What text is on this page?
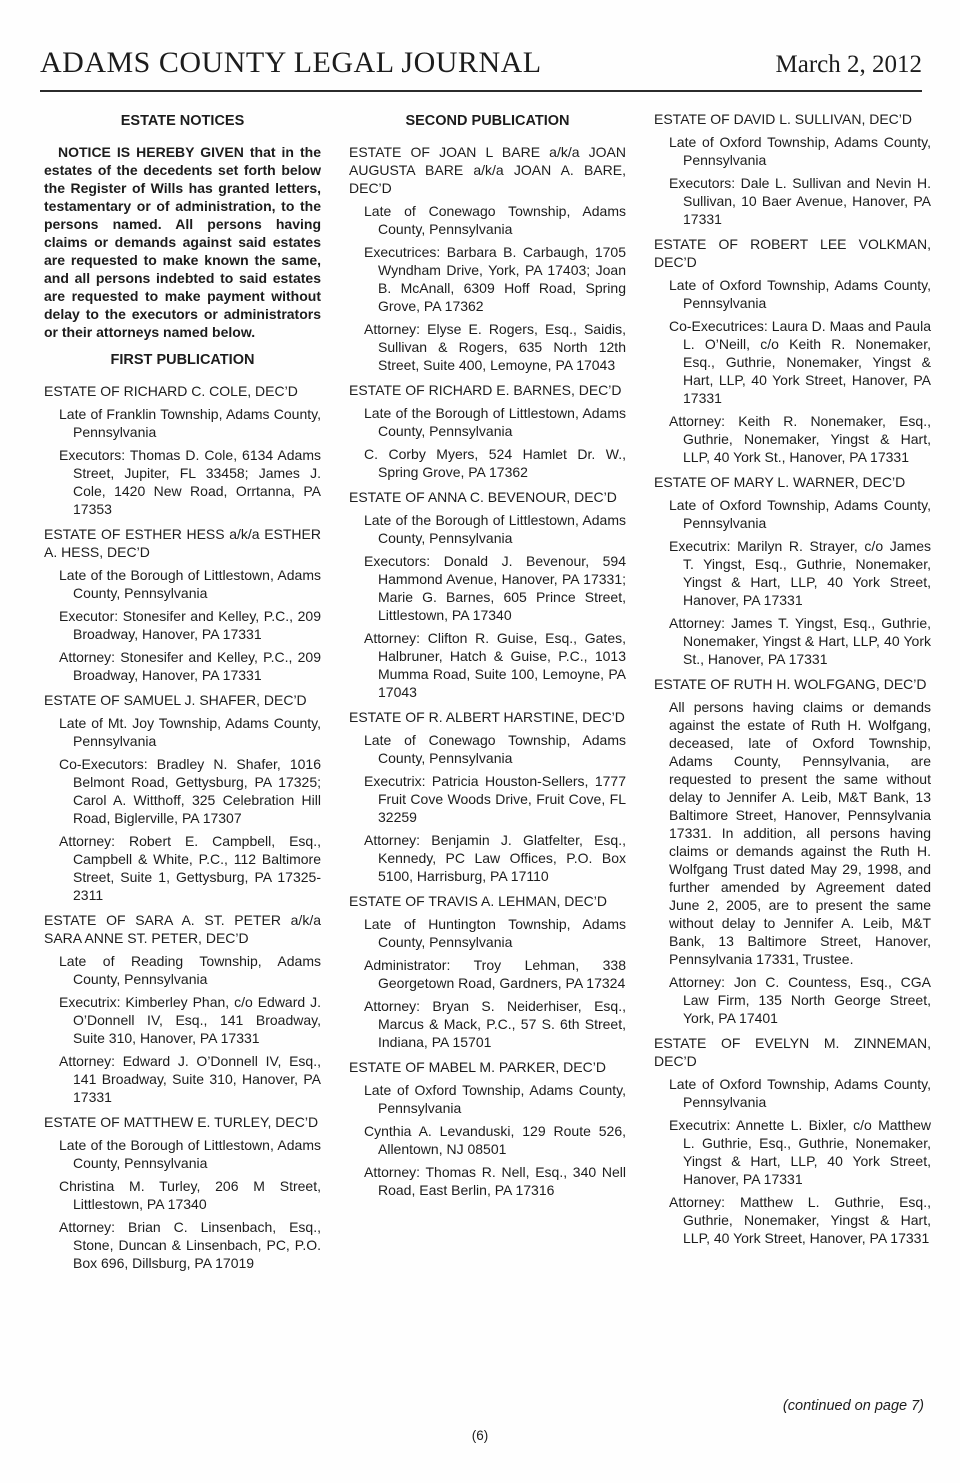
ADAMS COUNTY LEGAL JOURNAL	March 2, 2012
ESTATE NOTICES

NOTICE IS HEREBY GIVEN that in the estates of the decedents set forth below the Register of Wills has granted letters, testamentary or of administration, to the persons named. All persons having claims or demands against said estates are requested to make known the same, and all persons indebted to said estates are requested to make payment without delay to the executors or administrators or their attorneys named below.

FIRST PUBLICATION
ESTATE OF RICHARD C. COLE, DEC’D

Late of Franklin Township, Adams County, Pennsylvania

Executors: Thomas D. Cole, 6134 Adams Street, Jupiter, FL 33458; James J. Cole, 1420 New Road, Orrtanna, PA 17353

ESTATE OF ESTHER HESS a/k/a ESTHER A. HESS, DEC’D

Late of the Borough of Littlestown, Adams County, Pennsylvania

Executor: Stonesifer and Kelley, P.C., 209 Broadway, Hanover, PA 17331

Attorney: Stonesifer and Kelley, P.C., 209 Broadway, Hanover, PA 17331

ESTATE OF SAMUEL J. SHAFER, DEC’D

Late of Mt. Joy Township, Adams County, Pennsylvania

Co-Executors: Bradley N. Shafer, 1016 Belmont Road, Gettysburg, PA 17325; Carol A. Witthoff, 325 Celebration Hill Road, Biglerville, PA 17307

Attorney: Robert E. Campbell, Esq., Campbell & White, P.C., 112 Baltimore Street, Suite 1, Gettysburg, PA 17325-2311

ESTATE OF SARA A. ST. PETER a/k/a SARA ANNE ST. PETER, DEC’D

Late of Reading Township, Adams County, Pennsylvania

Executrix: Kimberley Phan, c/o Edward J. O’Donnell IV, Esq., 141 Broadway, Suite 310, Hanover, PA 17331

Attorney: Edward J. O’Donnell IV, Esq., 141 Broadway, Suite 310, Hanover, PA 17331

ESTATE OF MATTHEW E. TURLEY, DEC’D

Late of the Borough of Littlestown, Adams County, Pennsylvania

Christina M. Turley, 206 M Street, Littlestown, PA 17340

Attorney: Brian C. Linsenbach, Esq., Stone, Duncan & Linsenbach, PC, P.O. Box 696, Dillsburg, PA 17019

SECOND PUBLICATION
ESTATE OF JOAN L BARE a/k/a JOAN AUGUSTA BARE a/k/a JOAN A. BARE, DEC’D

Late of Conewago Township, Adams County, Pennsylvania

Executrices: Barbara B. Carbaugh, 1705 Wyndham Drive, York, PA 17403; Joan B. McAnall, 6309 Hoff Road, Spring Grove, PA 17362

Attorney: Elyse E. Rogers, Esq., Saidis, Sullivan & Rogers, 635 North 12th Street, Suite 400, Lemoyne, PA 17043

ESTATE OF RICHARD E. BARNES, DEC’D

Late of the Borough of Littlestown, Adams County, Pennsylvania

C. Corby Myers, 524 Hamlet Dr. W., Spring Grove, PA 17362

ESTATE OF ANNA C. BEVENOUR, DEC’D

Late of the Borough of Littlestown, Adams County, Pennsylvania

Executors: Donald J. Bevenour, 594 Hammond Avenue, Hanover, PA 17331; Marie G. Barnes, 605 Prince Street, Littlestown, PA 17340

Attorney: Clifton R. Guise, Esq., Gates, Halbruner, Hatch & Guise, P.C., 1013 Mumma Road, Suite 100, Lemoyne, PA 17043

ESTATE OF R. ALBERT HARSTINE, DEC’D

Late of Conewago Township, Adams County, Pennsylvania

Executrix: Patricia Houston-Sellers, 1777 Fruit Cove Woods Drive, Fruit Cove, FL 32259

Attorney: Benjamin J. Glatfelter, Esq., Kennedy, PC Law Offices, P.O. Box 5100, Harrisburg, PA 17110

ESTATE OF TRAVIS A. LEHMAN, DEC’D

Late of Huntington Township, Adams County, Pennsylvania

Administrator: Troy Lehman, 338 Georgetown Road, Gardners, PA 17324

Attorney: Bryan S. Neiderhiser, Esq., Marcus & Mack, P.C., 57 S. 6th Street, Indiana, PA 15701

ESTATE OF MABEL M. PARKER, DEC’D

Late of Oxford Township, Adams County, Pennsylvania

Cynthia A. Levanduski, 129 Route 526, Allentown, NJ 08501

Attorney: Thomas R. Nell, Esq., 340 Nell Road, East Berlin, PA 17316

ESTATE OF DAVID L. SULLIVAN, DEC’D

Late of Oxford Township, Adams County, Pennsylvania

Executors: Dale L. Sullivan and Nevin H. Sullivan, 10 Baer Avenue, Hanover, PA 17331

ESTATE OF ROBERT LEE VOLKMAN, DEC’D

Late of Oxford Township, Adams County, Pennsylvania

Co-Executrices: Laura D. Maas and Paula L. O’Neill, c/o Keith R. Nonemaker, Esq., Guthrie, Nonemaker, Yingst & Hart, LLP, 40 York Street, Hanover, PA 17331

Attorney: Keith R. Nonemaker, Esq., Guthrie, Nonemaker, Yingst & Hart, LLP, 40 York St., Hanover, PA 17331

ESTATE OF MARY L. WARNER, DEC’D

Late of Oxford Township, Adams County, Pennsylvania

Executrix: Marilyn R. Strayer, c/o James T. Yingst, Esq., Guthrie, Nonemaker, Yingst & Hart, LLP, 40 York Street, Hanover, PA 17331

Attorney: James T. Yingst, Esq., Guthrie, Nonemaker, Yingst & Hart, LLP, 40 York St., Hanover, PA 17331

ESTATE OF RUTH H. WOLFGANG, DEC’D

All persons having claims or demands against the estate of Ruth H. Wolfgang, deceased, late of Oxford Township, Adams County, Pennsylvania, are requested to present the same without delay to Jennifer A. Leib, M&T Bank, 13 Baltimore Street, Hanover, Pennsylvania 17331. In addition, all persons having claims or demands against the Ruth H. Wolfgang Trust dated May 29, 1998, and further amended by Agreement dated June 2, 2005, are to present the same without delay to Jennifer A. Leib, M&T Bank, 13 Baltimore Street, Hanover, Pennsylvania 17331, Trustee.

Attorney: Jon C. Countess, Esq., CGA Law Firm, 135 North George Street, York, PA 17401

ESTATE OF EVELYN M. ZINNEMAN, DEC’D

Late of Oxford Township, Adams County, Pennsylvania

Executrix: Annette L. Bixler, c/o Matthew L. Guthrie, Esq., Guthrie, Nonemaker, Yingst & Hart, LLP, 40 York Street, Hanover, PA 17331

Attorney: Matthew L. Guthrie, Esq., Guthrie, Nonemaker, Yingst & Hart, LLP, 40 York Street, Hanover, PA 17331

(continued on page 7)
(6)
